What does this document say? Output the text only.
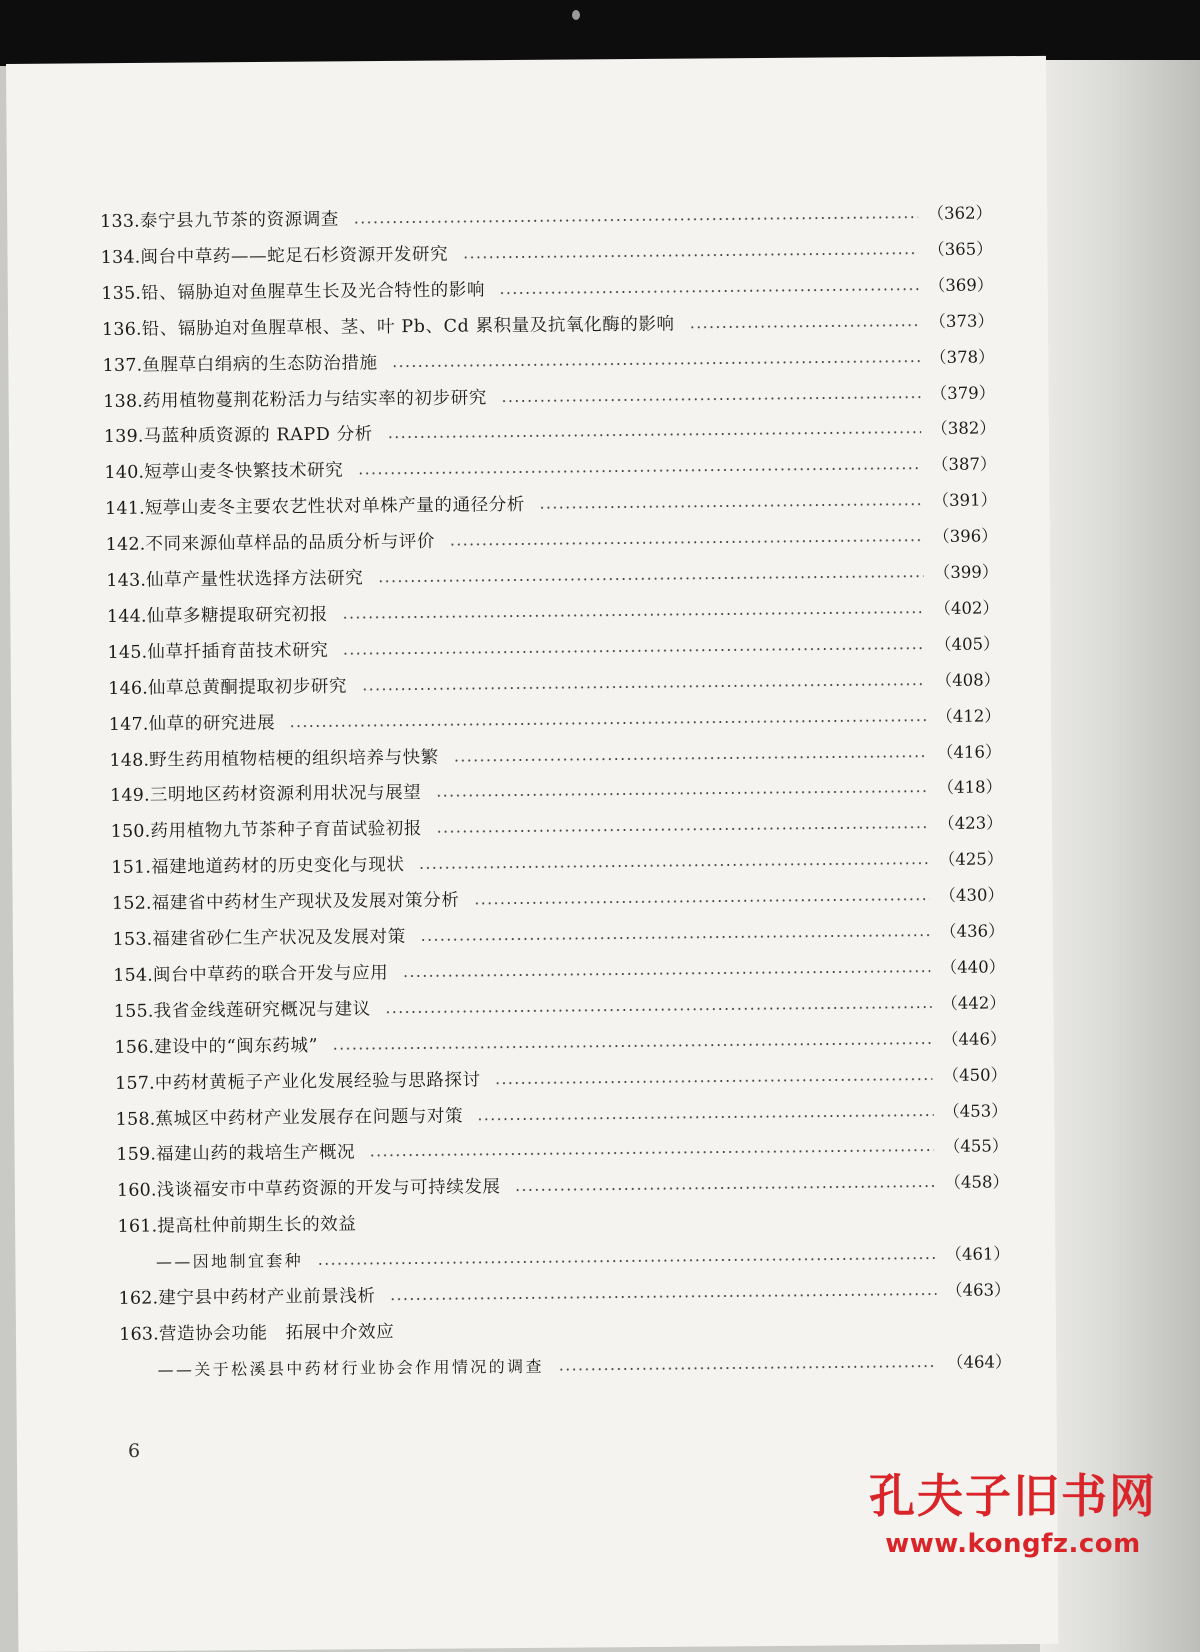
133. 泰宁县九节茶的资源调查	（362）
134. 闽台中草药——蛇足石杉资源开发研究	（365）
135. 铅、镉胁迫对鱼腥草生长及光合特性的影响	（369）
136. 铅、镉胁迫对鱼腥草根、茎、叶 Pb、Cd 累积量及抗氧化酶的影响	（373）
137. 鱼腥草白绢病的生态防治措施	（378）
138. 药用植物蔓荆花粉活力与结实率的初步研究	（379）
139. 马蓝种质资源的 RAPD 分析	（382）
140. 短葶山麦冬快繁技术研究	（387）
141. 短葶山麦冬主要农艺性状对单株产量的通径分析	（391）
142. 不同来源仙草样品的品质分析与评价	（396）
143. 仙草产量性状选择方法研究	（399）
144. 仙草多糖提取研究初报	（402）
145. 仙草扦插育苗技术研究	（405）
146. 仙草总黄酮提取初步研究	（408）
147. 仙草的研究进展	（412）
148. 野生药用植物桔梗的组织培养与快繁	（416）
149. 三明地区药材资源利用状况与展望	（418）
150. 药用植物九节茶种子育苗试验初报	（423）
151. 福建地道药材的历史变化与现状	（425）
152. 福建省中药材生产现状及发展对策分析	（430）
153. 福建省砂仁生产状况及发展对策	（436）
154. 闽台中草药的联合开发与应用	（440）
155. 我省金线莲研究概况与建议	（442）
156. 建设中的“闽东药城”	（446）
157. 中药材黄栀子产业化发展经验与思路探讨	（450）
158. 蕉城区中药材产业发展存在问题与对策	（453）
159. 福建山药的栽培生产概况	（455）
160. 浅谈福安市中草药资源的开发与可持续发展	（458）
161. 提高杜仲前期生长的效益
——因地制宜套种	（461）
162. 建宁县中药材产业前景浅析	（463）
163. 营造协会功能　拓展中介效应
——关于松溪县中药材行业协会作用情况的调查	（464）
6
孔夫子旧书网
www.kongfz.com
